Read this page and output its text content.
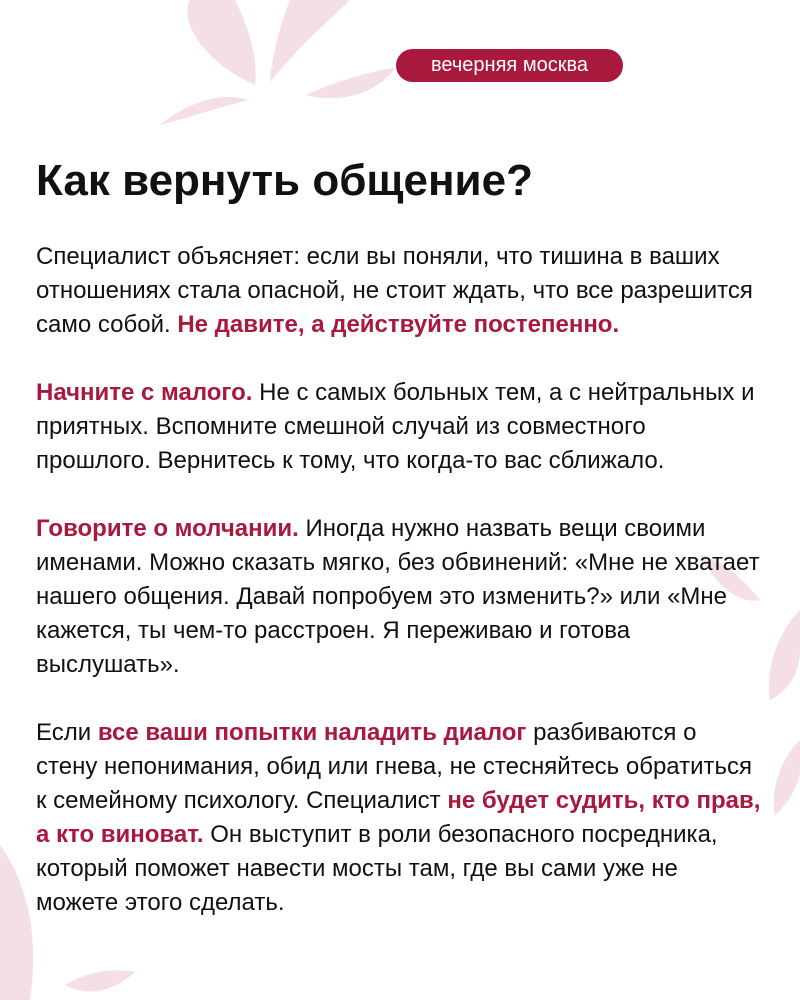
вечерняя москва
Как вернуть общение?

Специалист объясняет: если вы поняли, что тишина в ваших отношениях стала опасной, не стоит ждать, что все разрешится само собой. Не давите, а действуйте постепенно.

Начните с малого. Не с самых больных тем, а с нейтральных и приятных. Вспомните смешной случай из совместного прошлого. Вернитесь к тому, что когда-то вас сближало.

Говорите о молчании. Иногда нужно назвать вещи своими именами. Можно сказать мягко, без обвинений: «Мне не хватает нашего общения. Давай попробуем это изменить?» или «Мне кажется, ты чем-то расстроен. Я переживаю и готова выслушать».

Если все ваши попытки наладить диалог разбиваются о стену непонимания, обид или гнева, не стесняйтесь обратиться к семейному психологу. Специалист не будет судить, кто прав, а кто виноват. Он выступит в роли безопасного посредника, который поможет навести мосты там, где вы сами уже не можете этого сделать.
